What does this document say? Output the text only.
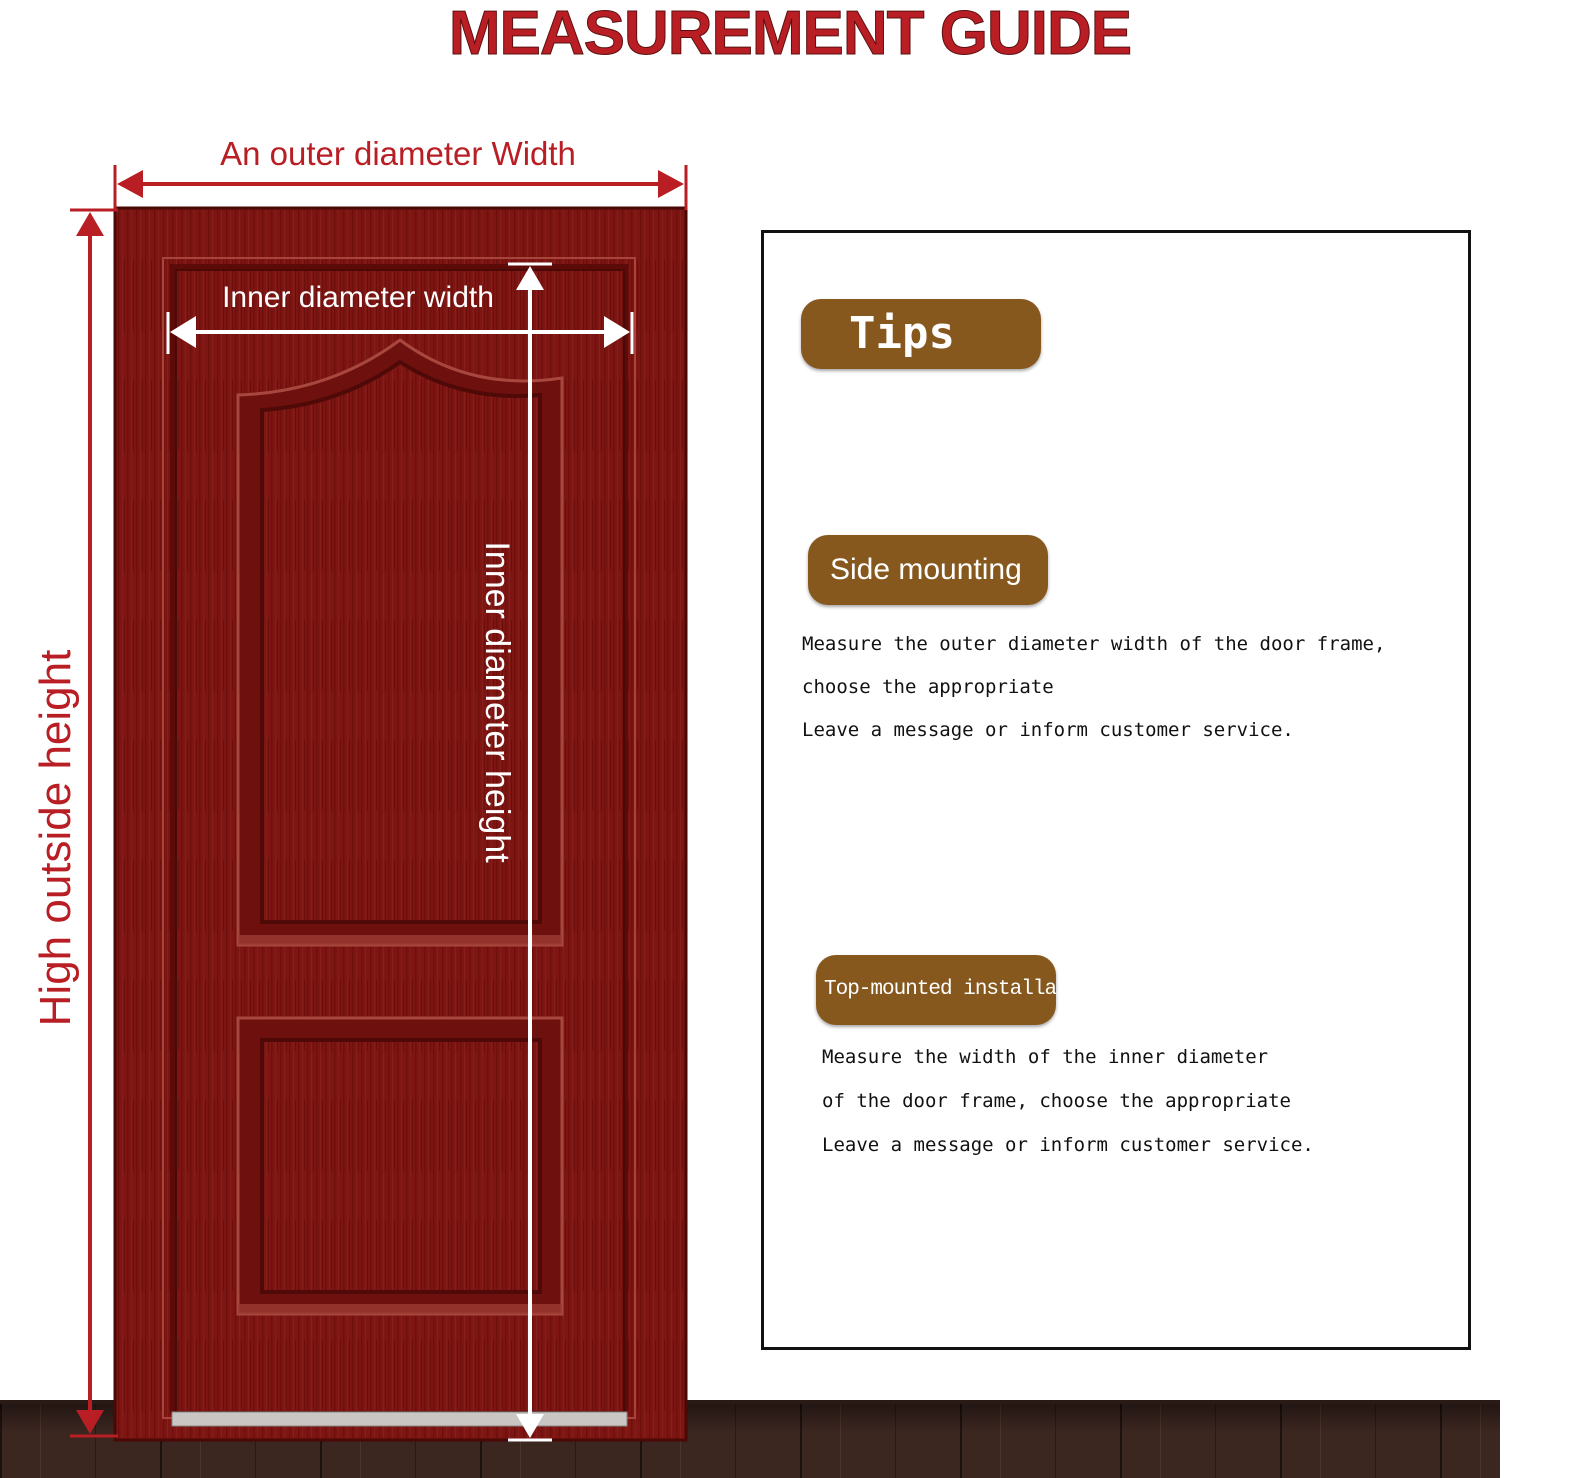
MEASUREMENT GUIDE
An outer diameter Width
High outside height
Inner diameter width
Inner diameter height
Tips
Side mounting
Measure the outer diameter width of the door frame,
choose the appropriate
Leave a message or inform customer service.
Top-mounted installation
Measure the width of the inner diameter
of the door frame, choose the appropriate
Leave a message or inform customer service.
